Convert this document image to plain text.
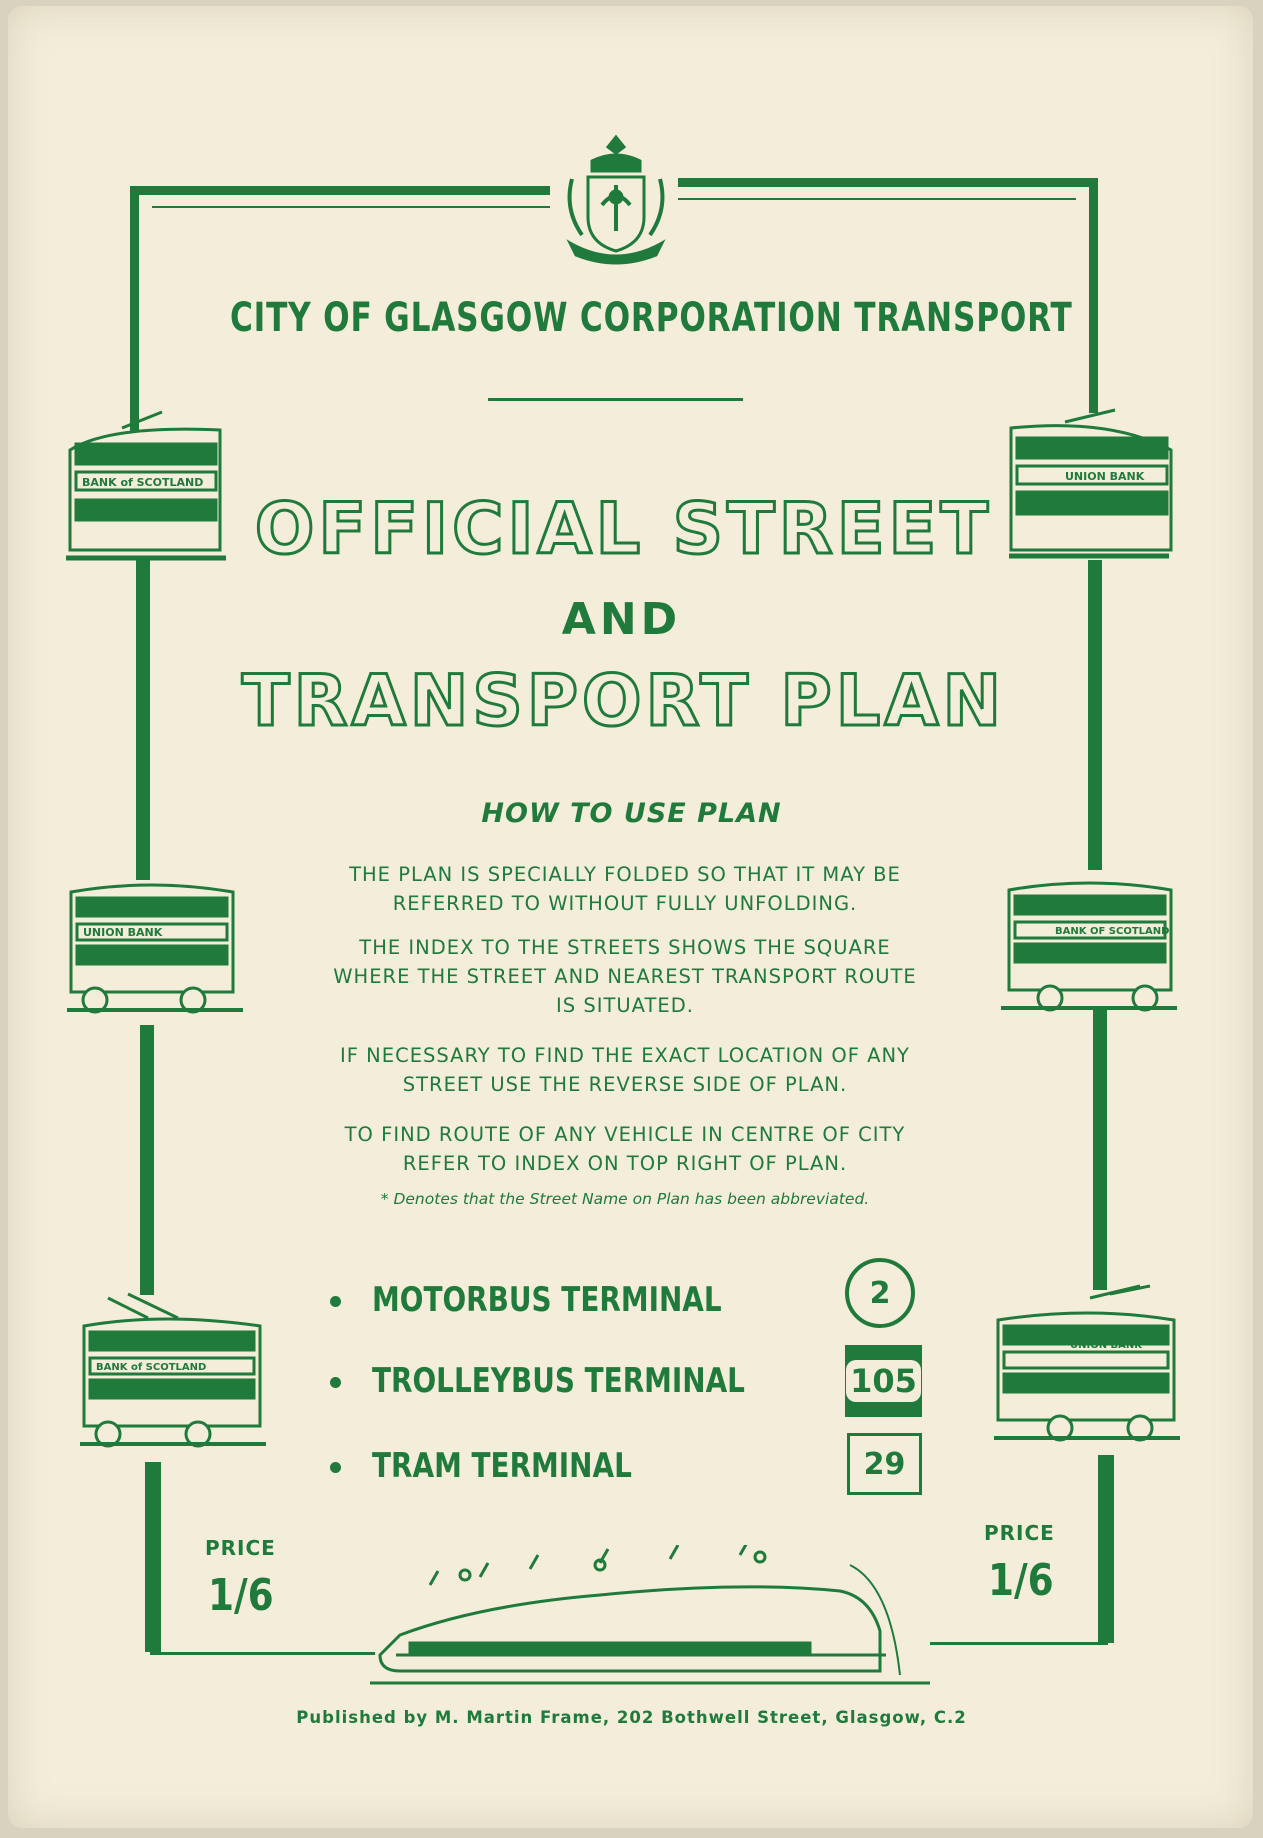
CITY OF GLASGOW CORPORATION TRANSPORT
OFFICIAL STREET
AND
TRANSPORT PLAN
HOW TO USE PLAN
THE PLAN IS SPECIALLY FOLDED SO THAT IT MAY BE
REFERRED TO WITHOUT FULLY UNFOLDING.
THE INDEX TO THE STREETS SHOWS THE SQUARE
WHERE THE STREET AND NEAREST TRANSPORT ROUTE
IS SITUATED.
IF NECESSARY TO FIND THE EXACT LOCATION OF ANY
STREET USE THE REVERSE SIDE OF PLAN.
TO FIND ROUTE OF ANY VEHICLE IN CENTRE OF CITY
REFER TO INDEX ON TOP RIGHT OF PLAN.
* Denotes that the Street Name on Plan has been abbreviated.
MOTORBUS TERMINAL	2
TROLLEYBUS TERMINAL	105
TRAM TERMINAL	29
PRICE
1/6
PRICE
1/6
BANK of SCOTLAND	UNION BANK
UNION BANK	BANK OF SCOTLAND
BANK of SCOTLAND
UNION BANK
Published by M. Martin Frame, 202 Bothwell Street, Glasgow, C.2
